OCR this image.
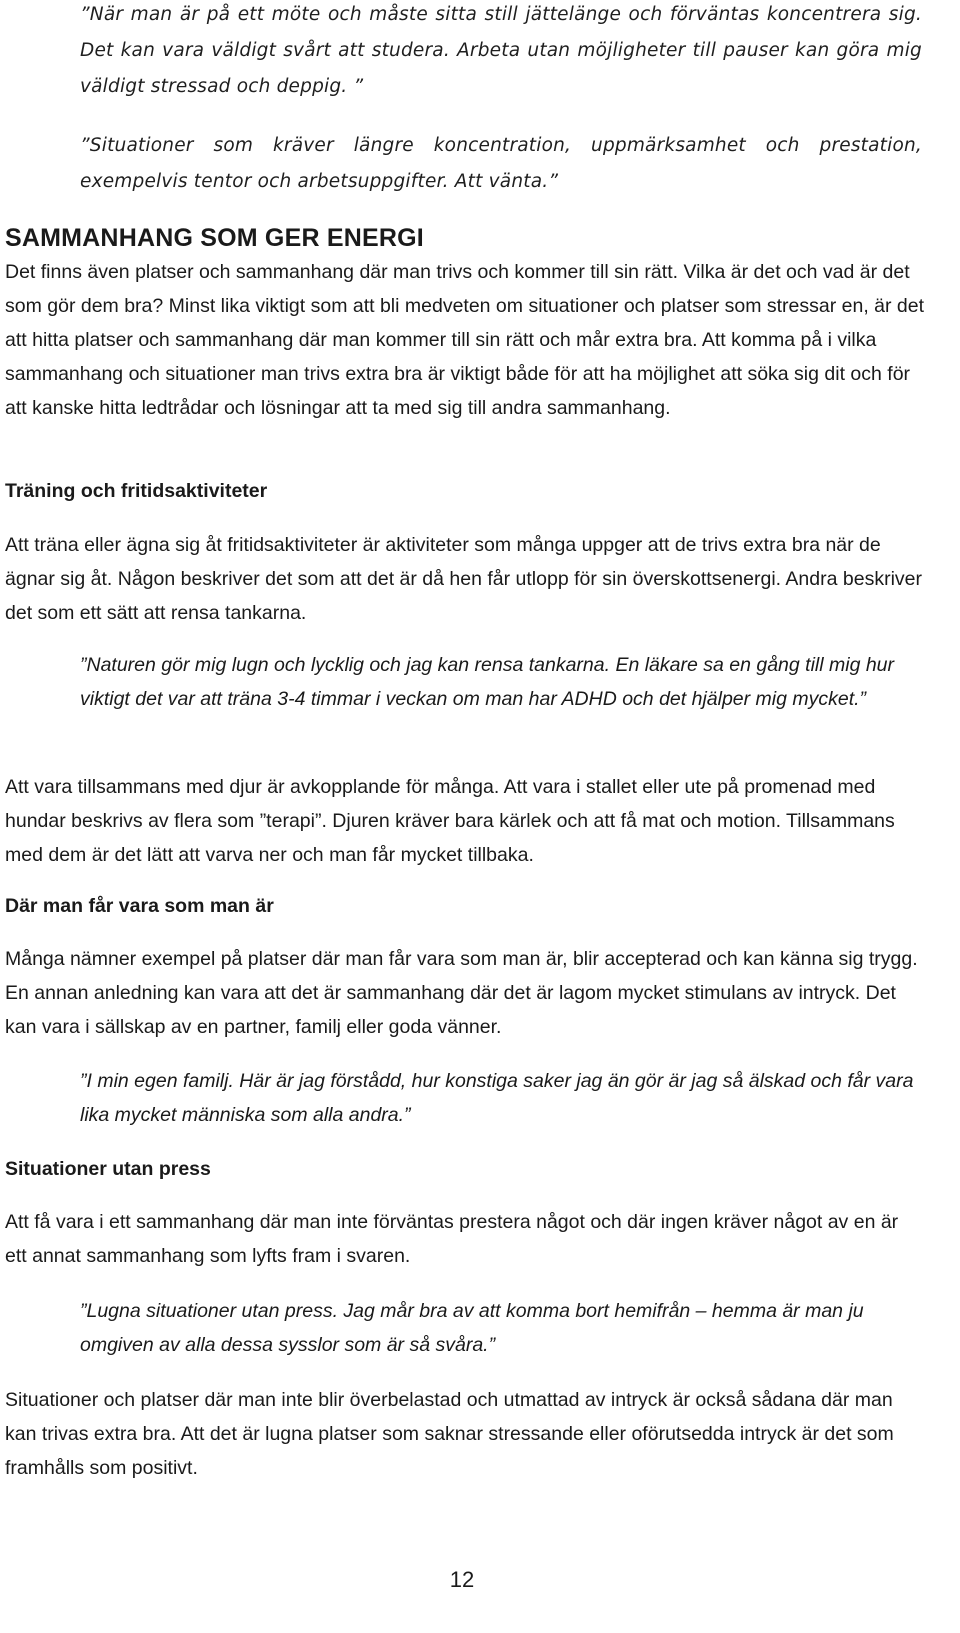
”När man är på ett möte och måste sitta still jättelänge och förväntas koncentrera sig. Det kan vara väldigt svårt att studera. Arbeta utan möjligheter till pauser kan göra mig väldigt stressad och deppig. ”

”Situationer som kräver längre koncentration, uppmärksamhet och prestation, exempelvis tentor och arbetsuppgifter. Att vänta.”

SAMMANHANG SOM GER ENERGI

Det finns även platser och sammanhang där man trivs och kommer till sin rätt. Vilka är det och vad är det som gör dem bra? Minst lika viktigt som att bli medveten om situationer och platser som stressar en, är det att hitta platser och sammanhang där man kommer till sin rätt och mår extra bra. Att komma på i vilka sammanhang och situationer man trivs extra bra är viktigt både för att ha möjlighet att söka sig dit och för att kanske hitta ledtrådar och lösningar att ta med sig till andra sammanhang.

Träning och fritidsaktiviteter

Att träna eller ägna sig åt fritidsaktiviteter är aktiviteter som många uppger att de trivs extra bra när de ägnar sig åt. Någon beskriver det som att det är då hen får utlopp för sin överskottsenergi. Andra beskriver det som ett sätt att rensa tankarna.

”Naturen gör mig lugn och lycklig och jag kan rensa tankarna. En läkare sa en gång till mig hur viktigt det var att träna 3-4 timmar i veckan om man har ADHD och det hjälper mig mycket.”

Att vara tillsammans med djur är avkopplande för många. Att vara i stallet eller ute på promenad med hundar beskrivs av flera som ”terapi”. Djuren kräver bara kärlek och att få mat och motion. Tillsammans med dem är det lätt att varva ner och man får mycket tillbaka.

Där man får vara som man är

Många nämner exempel på platser där man får vara som man är, blir accepterad och kan känna sig trygg. En annan anledning kan vara att det är sammanhang där det är lagom mycket stimulans av intryck. Det kan vara i sällskap av en partner, familj eller goda vänner.

”I min egen familj. Här är jag förstådd, hur konstiga saker jag än gör är jag så älskad och får vara lika mycket människa som alla andra.”

Situationer utan press

Att få vara i ett sammanhang där man inte förväntas prestera något och där ingen kräver något av en är ett annat sammanhang som lyfts fram i svaren.

”Lugna situationer utan press. Jag mår bra av att komma bort hemifrån – hemma är man ju omgiven av alla dessa sysslor som är så svåra.”

Situationer och platser där man inte blir överbelastad och utmattad av intryck är också sådana där man kan trivas extra bra. Att det är lugna platser som saknar stressande eller oförutsedda intryck är det som framhålls som positivt.

12
